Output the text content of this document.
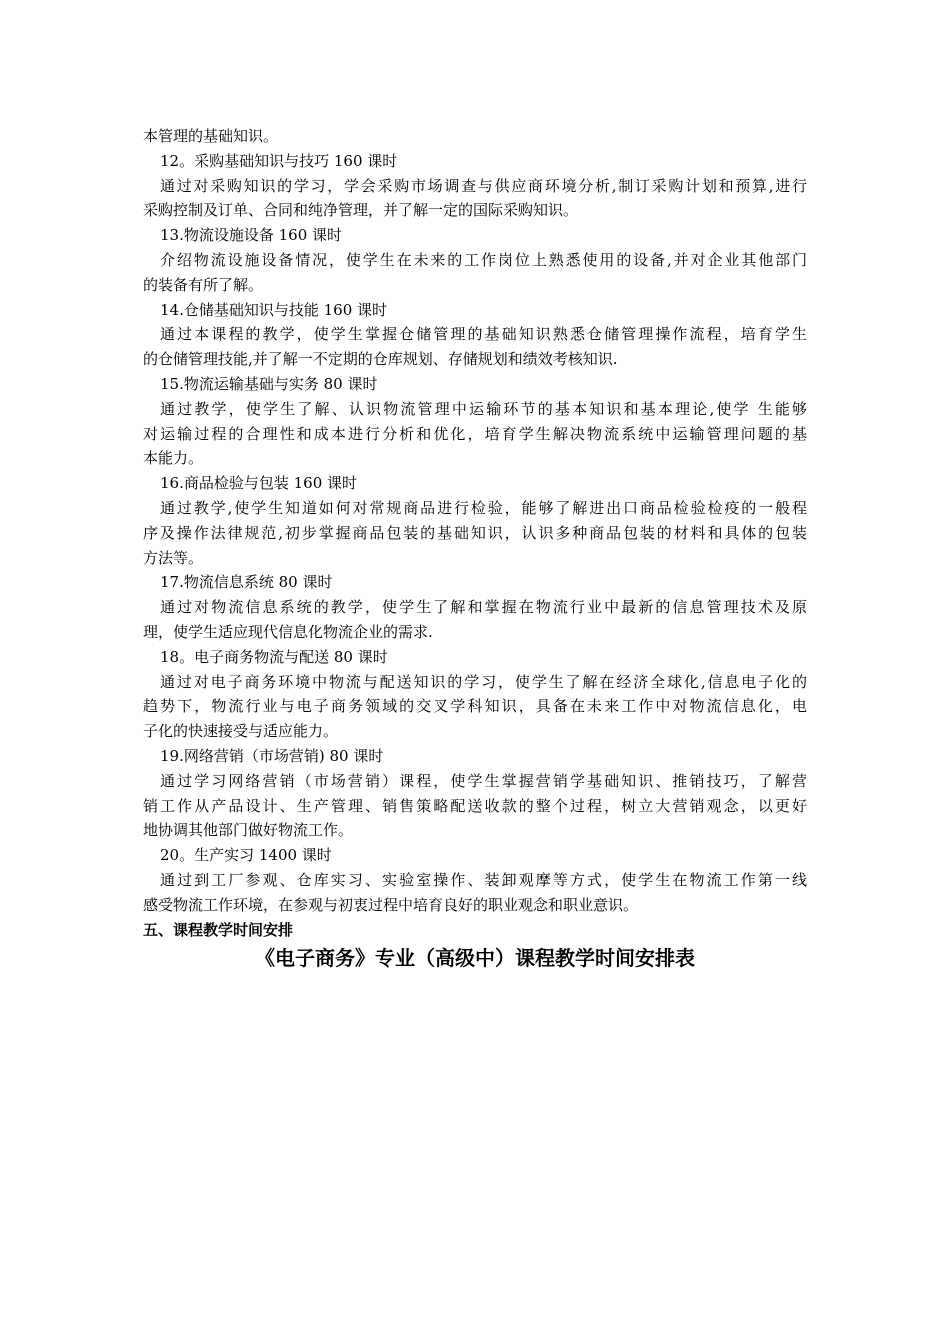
本管理的基础知识。
12。采购基础知识与技巧 160 课时
通过对采购知识的学习，学会采购市场调查与供应商环境分析,制订采购计划和预算,进行
采购控制及订单、合同和纯净管理，并了解一定的国际采购知识。
13.物流设施设备 160 课时
介绍物流设施设备情况，使学生在未来的工作岗位上熟悉使用的设备,并对企业其他部门
的装备有所了解。
14.仓储基础知识与技能 160 课时
通过本课程的教学，使学生掌握仓储管理的基础知识熟悉仓储管理操作流程，培育学生
的仓储管理技能,并了解一不定期的仓库规划、存储规划和绩效考核知识.
15.物流运输基础与实务 80 课时
通过教学，使学生了解、认识物流管理中运输环节的基本知识和基本理论,使学 生能够
对运输过程的合理性和成本进行分析和优化，培育学生解决物流系统中运输管理问题的基
本能力。
16.商品检验与包装 160 课时
通过教学,使学生知道如何对常规商品进行检验，能够了解进出口商品检验检疫的一般程
序及操作法律规范,初步掌握商品包装的基础知识，认识多种商品包装的材料和具体的包装
方法等。
17.物流信息系统 80 课时
通过对物流信息系统的教学，使学生了解和掌握在物流行业中最新的信息管理技术及原
理，使学生适应现代信息化物流企业的需求.
18。电子商务物流与配送 80 课时
通过对电子商务环境中物流与配送知识的学习，使学生了解在经济全球化,信息电子化的
趋势下，物流行业与电子商务领域的交叉学科知识，具备在未来工作中对物流信息化，电
子化的快速接受与适应能力。
19.网络营销（市场营销) 80 课时
通过学习网络营销（市场营销）课程，使学生掌握营销学基础知识、推销技巧，了解营
销工作从产品设计、生产管理、销售策略配送收款的整个过程，树立大营销观念，以更好
地协调其他部门做好物流工作。
20。生产实习 1400 课时
通过到工厂参观、仓库实习、实验室操作、装卸观摩等方式，使学生在物流工作第一线
感受物流工作环境，在参观与初衷过程中培育良好的职业观念和职业意识。
五、课程教学时间安排
《电子商务》专业（高级中）课程教学时间安排表
